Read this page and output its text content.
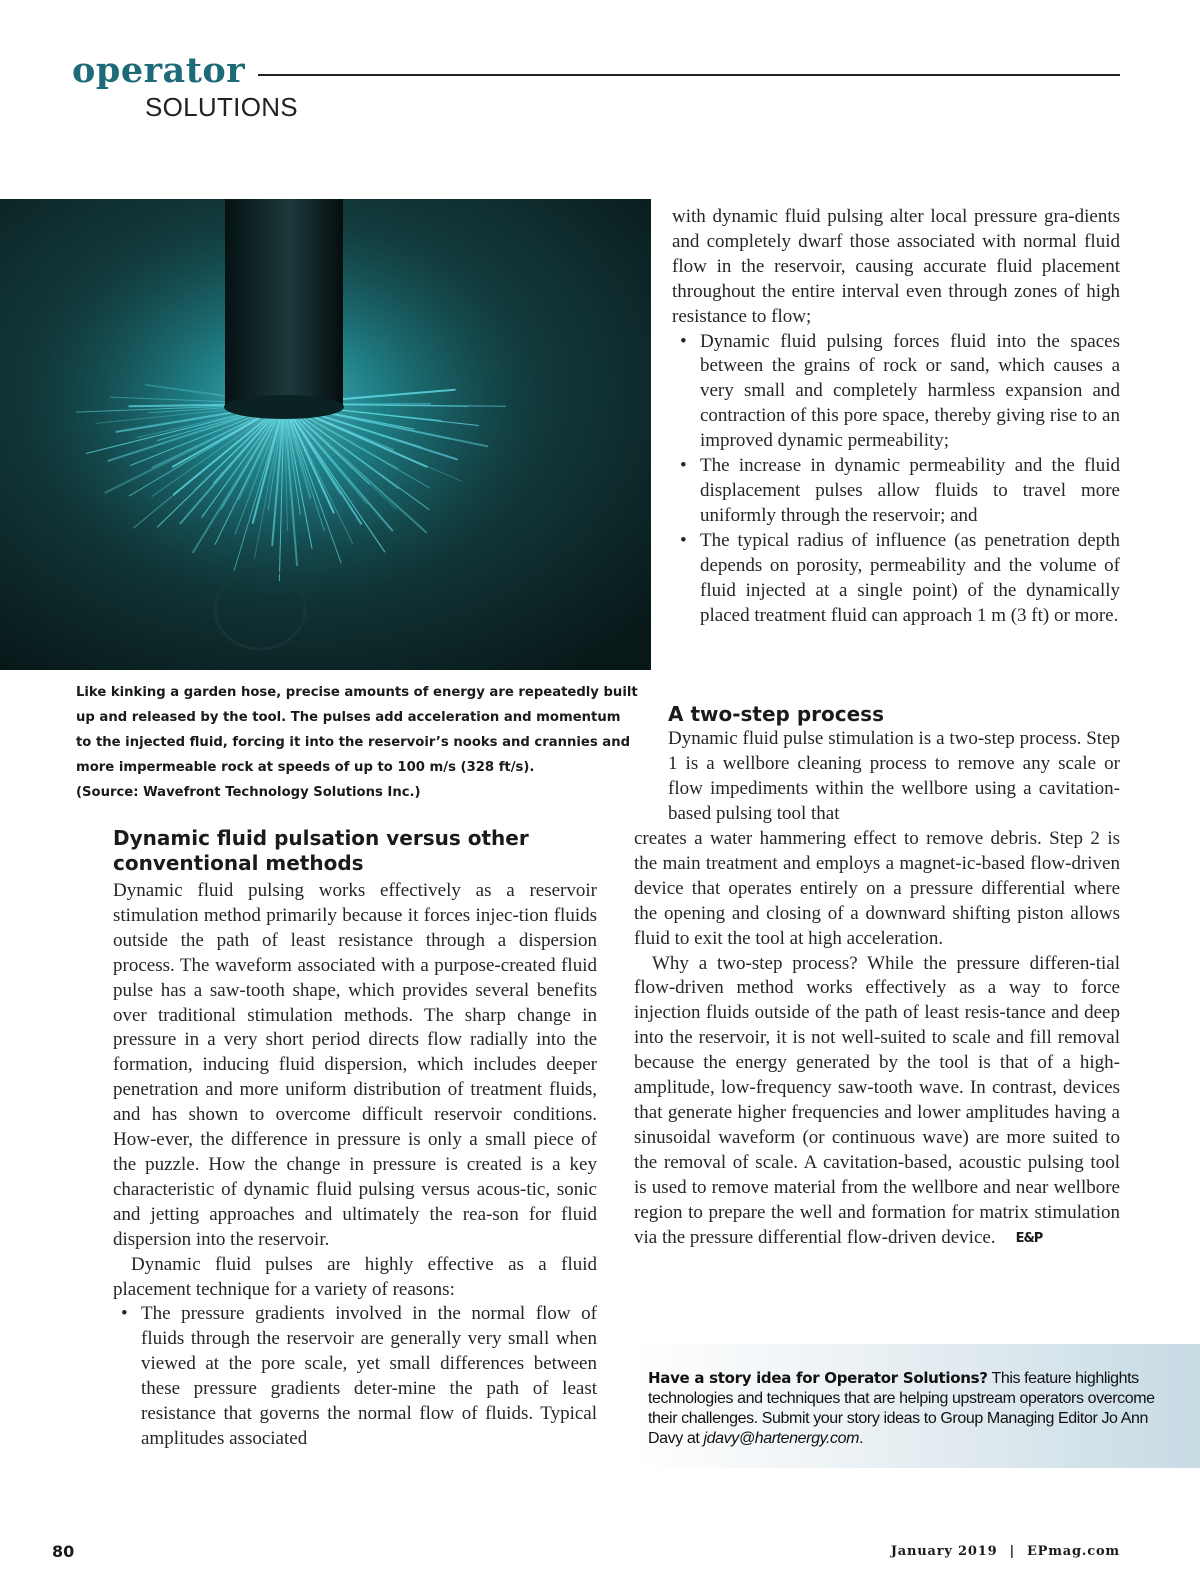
operator
SOLUTIONS
Like kinking a garden hose, precise amounts of energy are repeatedly built
up and released by the tool. The pulses add acceleration and momentum
to the injected fluid, forcing it into the reservoir’s nooks and crannies and
more impermeable rock at speeds of up to 100 m/s (328 ft/s).
(Source: Wavefront Technology Solutions Inc.)
Dynamic fluid pulsation versus other conventional methods

Dynamic fluid pulsing works effectively as a reservoir stimulation method primarily because it forces injec-tion fluids outside the path of least resistance through a dispersion process. The waveform associated with a purpose-created fluid pulse has a saw-tooth shape, which provides several benefits over traditional stimulation methods. The sharp change in pressure in a very short period directs flow radially into the formation, inducing fluid dispersion, which includes deeper penetration and more uniform distribution of treatment fluids, and has shown to overcome difficult reservoir conditions. How-ever, the difference in pressure is only a small piece of the puzzle. How the change in pressure is created is a key characteristic of dynamic fluid pulsing versus acous-tic, sonic and jetting approaches and ultimately the rea-son for fluid dispersion into the reservoir.

Dynamic fluid pulses are highly effective as a fluid placement technique for a variety of reasons:

• The pressure gradients involved in the normal flow of fluids through the reservoir are generally very small when viewed at the pore scale, yet small differences between these pressure gradients deter-mine the path of least resistance that governs the normal flow of fluids. Typical amplitudes associated

with dynamic fluid pulsing alter local pressure gra-dients and completely dwarf those associated with normal fluid flow in the reservoir, causing accurate fluid placement throughout the entire interval even through zones of high resistance to flow;

• Dynamic fluid pulsing forces fluid into the spaces between the grains of rock or sand, which causes a very small and completely harmless expansion and contraction of this pore space, thereby giving rise to an improved dynamic permeability;
• The increase in dynamic permeability and the fluid displacement pulses allow fluids to travel more uniformly through the reservoir; and
• The typical radius of influence (as penetration depth depends on porosity, permeability and the volume of fluid injected at a single point) of the dynamically placed treatment fluid can approach 1 m (3 ft) or more.
A two-step process

Dynamic fluid pulse stimulation is a two-step process. Step 1 is a wellbore cleaning process to remove any scale or flow impediments within the wellbore using a cavitation-based pulsing tool that

creates a water hammering effect to remove debris. Step 2 is the main treatment and employs a magnet-ic-based flow-driven device that operates entirely on a pressure differential where the opening and closing of a downward shifting piston allows fluid to exit the tool at high acceleration.

Why a two-step process? While the pressure differen-tial flow-driven method works effectively as a way to force injection fluids outside of the path of least resis-tance and deep into the reservoir, it is not well-suited to scale and fill removal because the energy generated by the tool is that of a high-amplitude, low-frequency saw-tooth wave. In contrast, devices that generate higher frequencies and lower amplitudes having a sinusoidal waveform (or continuous wave) are more suited to the removal of scale. A cavitation-based, acoustic pulsing tool is used to remove material from the wellbore and near wellbore region to prepare the well and formation for matrix stimulation via the pressure differential flow-driven device. E&P

Have a story idea for Operator Solutions? This feature highlights technologies and techniques that are helping upstream operators overcome their challenges. Submit your story ideas to Group Managing Editor Jo Ann Davy at jdavy@hartenergy.com.
80	January 2019 | EPmag.com
